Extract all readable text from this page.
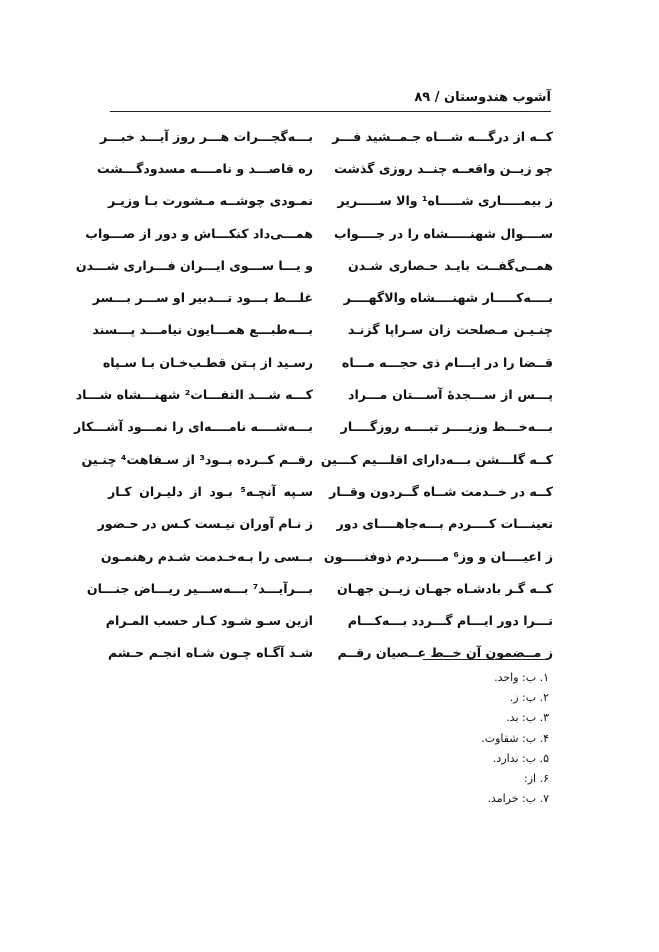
آشوب هندوستان / ۸۹
کــه از درگـــه شـــاه جـمــشید فـــر
بـــه‌گجـــرات هـــر روز آیـــد خبـــر
چو زیــن واقعــه چنــد روزی گذشت
ره قاصـــد و نامــــه مسدودگـــشت
ز بیمـــــاری شـــــاه¹ والا ســـــریر
نمـودی چوشــه مـشورت بـا وزیـر
ســــوال شهنـــــشاه را در جــــواب
همـــی‌داد کنکـــاش و دور از صـــواب
همــی‌گفــت بایـد حـصاری شـدن
و یـــا ســـوی ایـــران فـــراری شـــدن
بــــه‌کـــــار شهنــــشاه والاگهــــر
غلـــط بـــود تـــدبیر او ســـر بـــسر
چنـیـن مـصلحت زان سـراپا گزنـد
بـــه‌طبـــع همـــایون نیامـــد پـــسند
قــضا را در ایـــام ذی حجـــه مـــاه
رسـید از پـتن قطـب‌خـان بـا سـپاه
پـــس از ســـجدۀ آســـتان مـــراد
کـــه شـــد التفـــات² شهنـــشاه شـــاد
بـــه‌خـــط وزیــــر تبــــه روزگــــار
بـــه‌شــــه نامــــه‌ای را نمـــود آشـــکار
کــه گلـــشن بـــه‌دارای اقلـــیم کـــین
رقــم کــرده بــود³ از سـفاهت⁴ چنـین
کــه در خــدمت شــاه گــردون وقــار
سـپه آنچـه⁵ بـود از دلیـران کـار
تعینـــات کــــردم بـــه‌جاهــــای دور
ز نـام آوران نیـست کـس در حـضور
ز اعیــــان و وز⁶ مـــــردم ذوفنـــــون
بــسی را بـه‌خـدمت شـدم رهنمـون
کــه گـر بادشـاه جهـان زیــن جهـان
بـــرآیـــد⁷ بـــه‌ســـیر ریـــاض جنـــان
تـــرا دور ایـــام گـــردد بـــه‌کـــام
ازین سـو شـود کـار حسب المـرام
ز مــضمون آن خــط عــصیان رقــم
شـد آگـاه چـون شـاه انجـم حـشم
۱. ب: واحد.
۲. ب: ز.
۳. ب: بد.
۴. ب: شقاوت.
۵. ب: ندارد.
۶. از:
۷. ب: خرامد.
